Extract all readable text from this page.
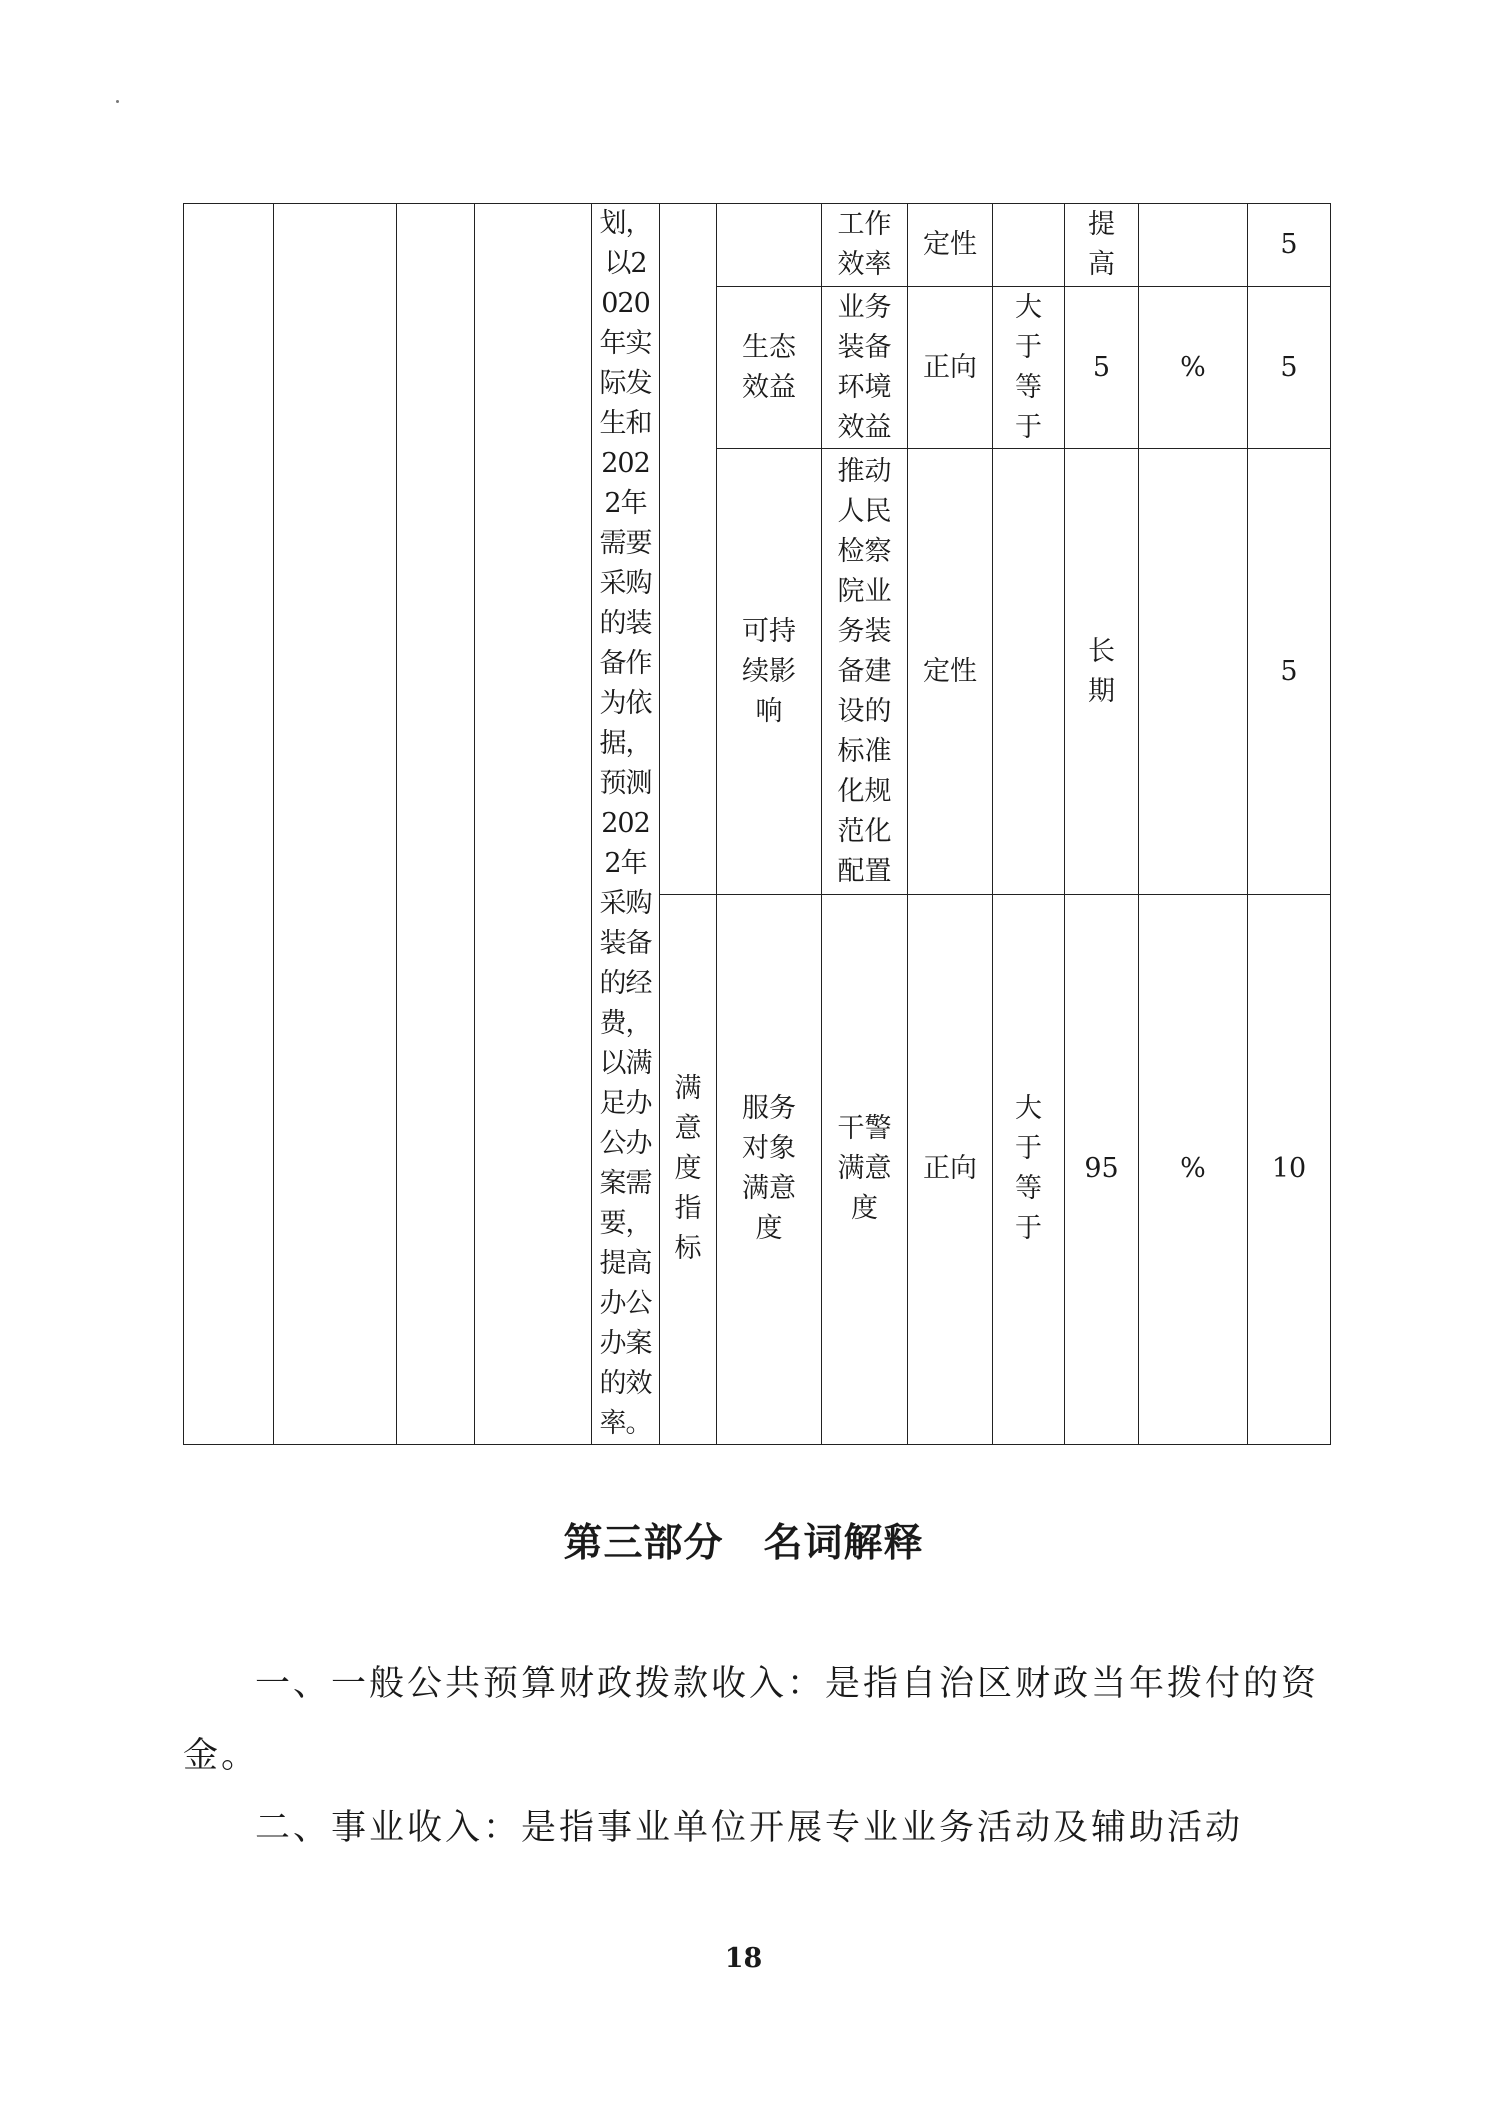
				划，以2020年实际发生和2022年需要采购的装备作为依据，预测2022年采购装备的经费，以满足办公办案需要，提高办公办案的效率。			工作效率	定性		提高		5

						生态效益	业务装备环境效益	正向	大于等于	5	%	5

						可持续影响	推动人民检察院业务装备建设的标准化规范化配置	定性		长期		5

					满意度指标	服务对象满意度	干警满意度	正向	大于等于	95	%	10
第三部分　名词解释

一、一般公共预算财政拨款收入：是指自治区财政当年拨付的资金。

二、事业收入：是指事业单位开展专业业务活动及辅助活动

18
